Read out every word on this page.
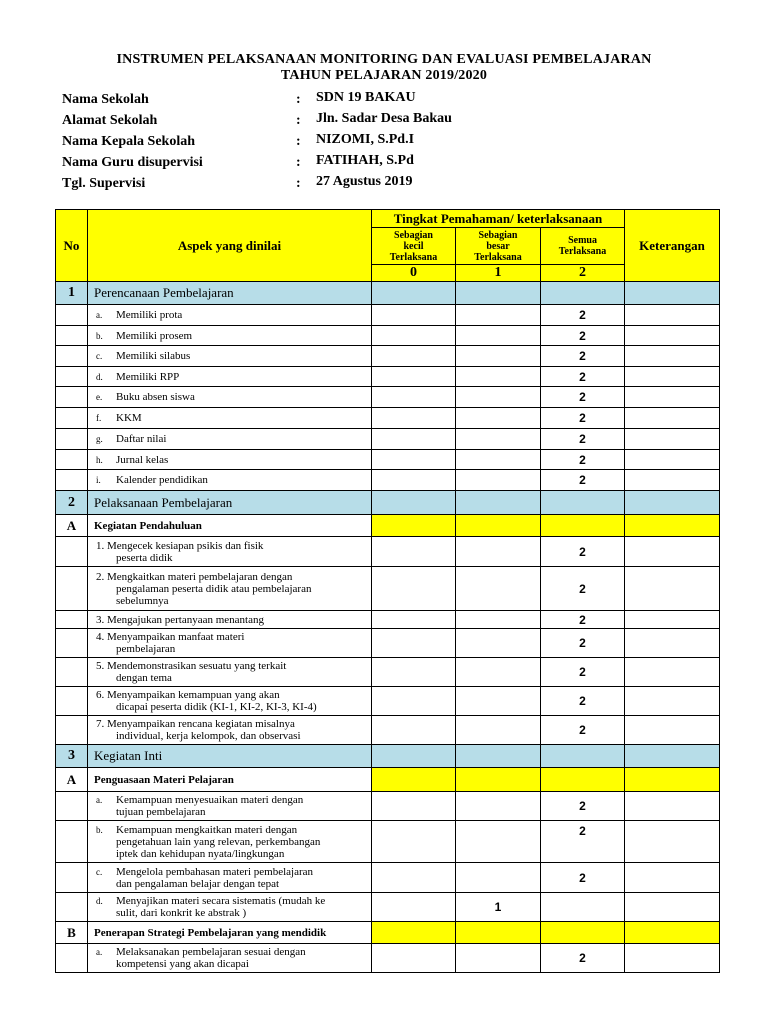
INSTRUMEN PELAKSANAAN MONITORING DAN EVALUASI PEMBELAJARAN
TAHUN PELAJARAN 2019/2020
Nama Sekolah	: SDN 19 BAKAU
Alamat Sekolah	: Jln. Sadar Desa Bakau
Nama Kepala Sekolah	: NIZOMI, S.Pd.I
Nama Guru disupervisi	: FATIHAH, S.Pd
Tgl. Supervisi	: 27 Agustus 2019
No	Aspek yang dinilai	Tingkat Pemahaman/ keterlaksanaan			Keterangan
		Sebagian
kecil
Terlaksana	Sebagian
besar
Terlaksana	Semua
Terlaksana	
		0	1	2	
1	Perencanaan Pembelajaran				
	a. Memiliki prota			2	
	b. Memiliki prosem			2	
	c. Memiliki silabus			2	
	d. Memiliki RPP			2	
	e. Buku absen siswa			2	
	f. KKM			2	
	g. Daftar nilai			2	
	h. Jurnal kelas			2	
	i. Kalender pendidikan			2	
2	Pelaksanaan Pembelajaran				
A	Kegiatan Pendahuluan				
	1. Mengecek kesiapan psikis dan fisik
peserta didik			2	
	2. Mengkaitkan materi pembelajaran dengan
pengalaman peserta didik atau pembelajaran
sebelumnya			2	
	3. Mengajukan pertanyaan menantang			2	
	4. Menyampaikan manfaat materi
pembelajaran			2	
	5. Mendemonstrasikan sesuatu yang terkait
dengan tema			2	
	6. Menyampaikan kemampuan yang akan
dicapai peserta didik (KI-1, KI-2, KI-3, KI-4)			2	
	7. Menyampaikan rencana kegiatan misalnya
individual, kerja kelompok, dan observasi			2	
3	Kegiatan Inti				
A	Penguasaan Materi Pelajaran				
	a. Kemampuan menyesuaikan materi dengan
tujuan pembelajaran			2	
	b. Kemampuan mengkaitkan materi dengan
pengetahuan lain yang relevan, perkembangan
iptek dan kehidupan nyata/lingkungan			2	
	c. Mengelola pembahasan materi pembelajaran
dan pengalaman belajar dengan tepat			2	
	d. Menyajikan materi secara sistematis (mudah ke
sulit, dari konkrit ke abstrak )		1		
B	Penerapan Strategi Pembelajaran yang mendidik				
	a. Melaksanakan pembelajaran sesuai dengan
kompetensi yang akan dicapai			2	
